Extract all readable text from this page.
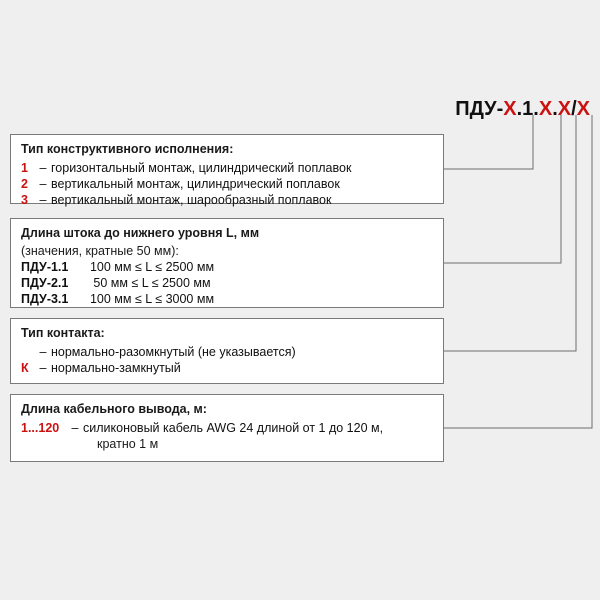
ПДУ-X.1.X.X/X
Тип конструктивного исполнения:
1 – горизонтальный монтаж, цилиндрический поплавок
2 – вертикальный монтаж, цилиндрический поплавок
3 – вертикальный монтаж, шарообразный поплавок
Длина штока до нижнего уровня L, мм
(значения, кратные 50 мм):
ПДУ-1.1	100 мм ≤ L ≤ 2500 мм
ПДУ-2.1	50 мм ≤ L ≤ 2500 мм
ПДУ-3.1	100 мм ≤ L ≤ 3000 мм
Тип контакта:
– нормально-разомкнутый (не указывается)
К – нормально-замкнутый
Длина кабельного вывода, м:
1...120 – силиконовый кабель AWG 24 длиной от 1 до 120 м,
кратно 1 м
